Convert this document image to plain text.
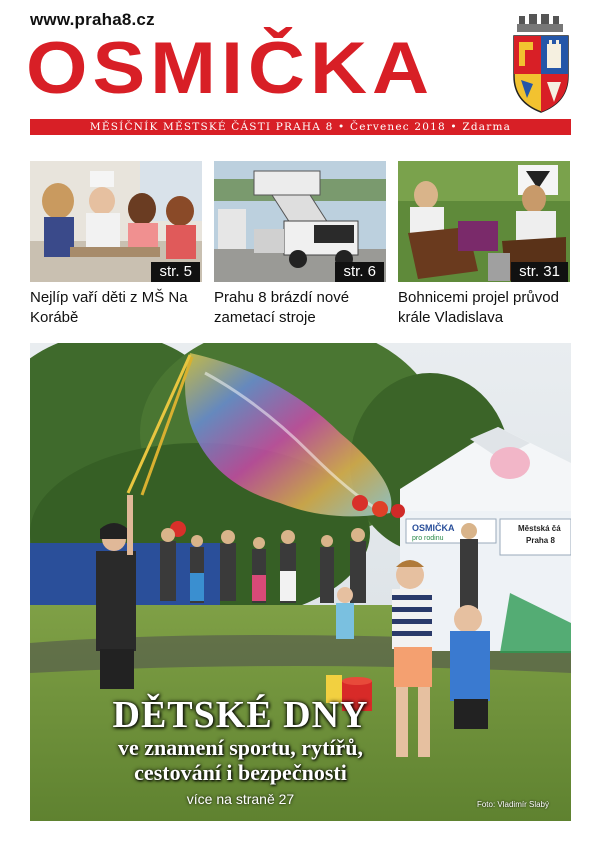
www.praha8.cz
OSMIČKA
MĚSÍČNÍK MĚSTSKÉ ČÁSTI PRAHA 8 • Červenec 2018 • Zdarma
str. 5
Nejlíp vaří děti z MŠ Na Korábě
str. 6
Prahu 8 brázdí nové zametací stroje
str. 31
Bohnicemi projel průvod krále Vladislava
OSMIČKA
pro rodinu
Městská čá
Praha 8
DĚTSKÉ DNY
ve znamení sportu, rytířů,
cestování i bezpečnosti
více na straně 27	Foto: Vladimír Slabý
